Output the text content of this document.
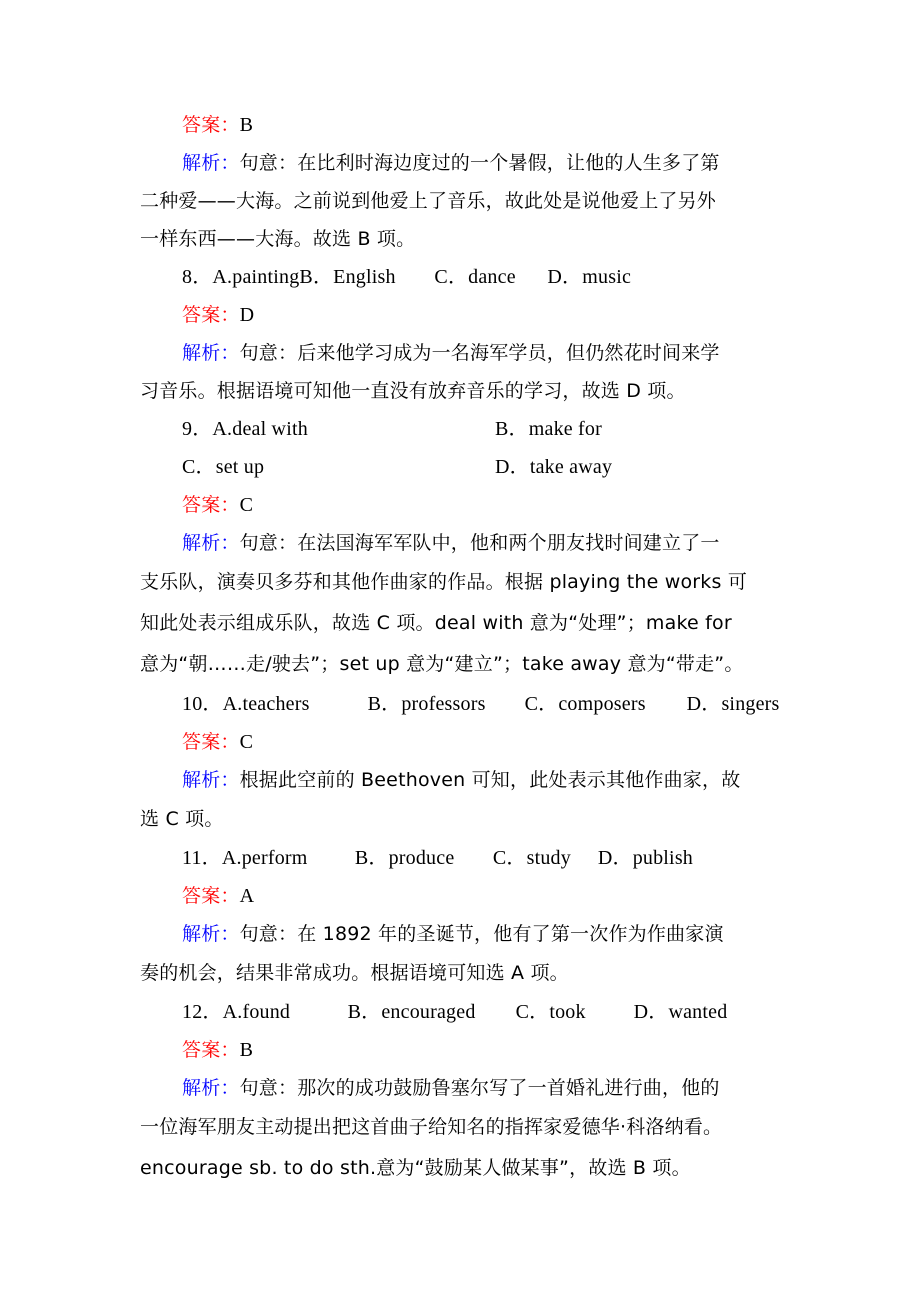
答案：B
解析：句意：在比利时海边度过的一个暑假，让他的人生多了第
二种爱——大海。之前说到他爱上了音乐，故此处是说他爱上了另外
一样东西——大海。故选 B 项。
8．A.paintingB．English C．dance D．music
答案：D
解析：句意：后来他学习成为一名海军学员，但仍然花时间来学
习音乐。根据语境可知他一直没有放弃音乐的学习，故选 D 项。
9．A.deal with	B．make for
C．set up	D．take away
答案：C
解析：句意：在法国海军军队中，他和两个朋友找时间建立了一
支乐队，演奏贝多芬和其他作曲家的作品。根据 playing the works 可
知此处表示组成乐队，故选 C 项。deal with 意为“处理”；make for
意为“朝……走/驶去”；set up 意为“建立”；take away 意为“带走”。
10．A.teachers	B．professors C．composers D．singers
答案：C
解析：根据此空前的 Beethoven 可知，此处表示其他作曲家，故
选 C 项。
11．A.perform B．produce C．study D．publish
答案：A
解析：句意：在 1892 年的圣诞节，他有了第一次作为作曲家演
奏的机会，结果非常成功。根据语境可知选 A 项。
12．A.found	B．encouraged C．took D．wanted
答案：B
解析：句意：那次的成功鼓励鲁塞尔写了一首婚礼进行曲，他的
一位海军朋友主动提出把这首曲子给知名的指挥家爱德华·科洛纳看。
encourage sb. to do sth.意为“鼓励某人做某事”，故选 B 项。
